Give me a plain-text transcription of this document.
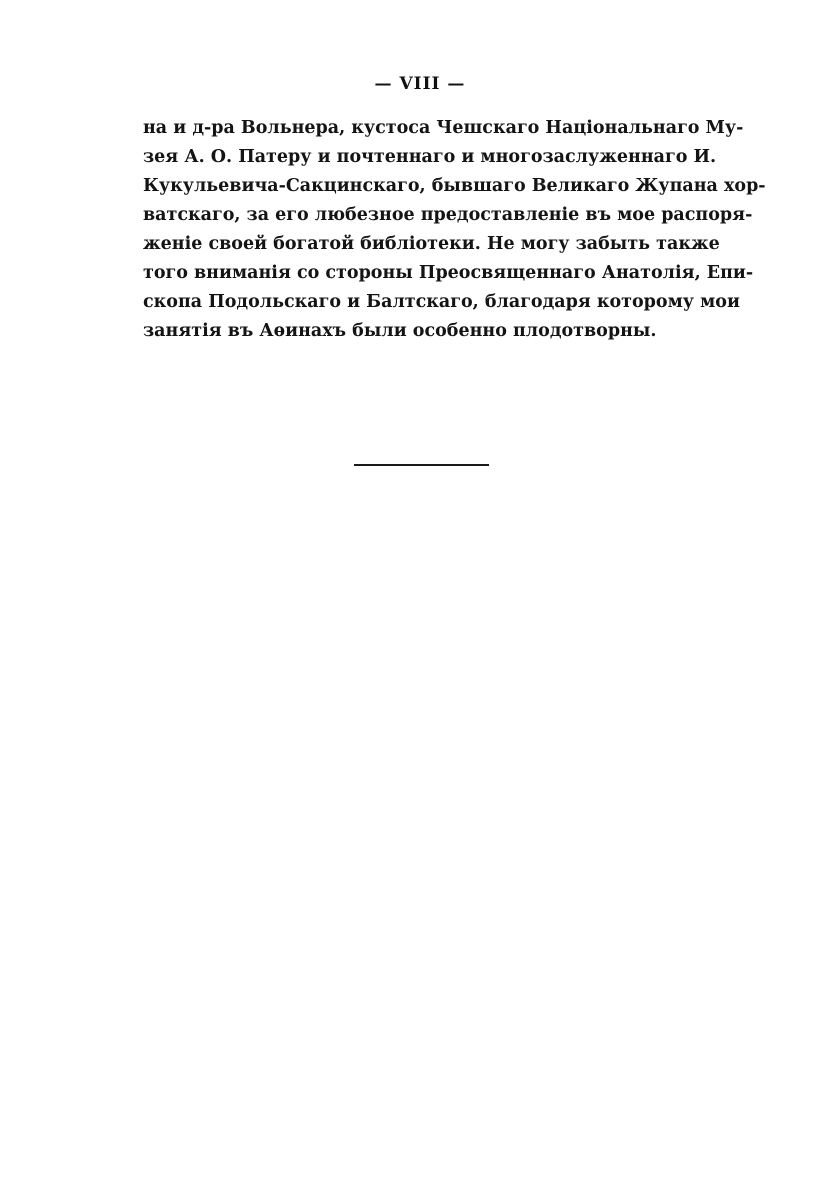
— VIII —
на и д-ра Вольнера, кустоса Чешскаго Національнаго Му-
зея А. О. Патеру и почтеннаго и многозаслуженнаго И.
Кукульевича-Сакцинскаго, бывшаго Великаго Жупана хор-
ватскаго, за его любезное предоставленіе въ мое распоря-
женіе своей богатой библіотеки. Не могу забыть также
того вниманія со стороны Преосвященнаго Анатолія, Епи-
скопа Подольскаго и Балтскаго, благодаря которому мои
занятія въ Аѳинахъ были особенно плодотворны.
